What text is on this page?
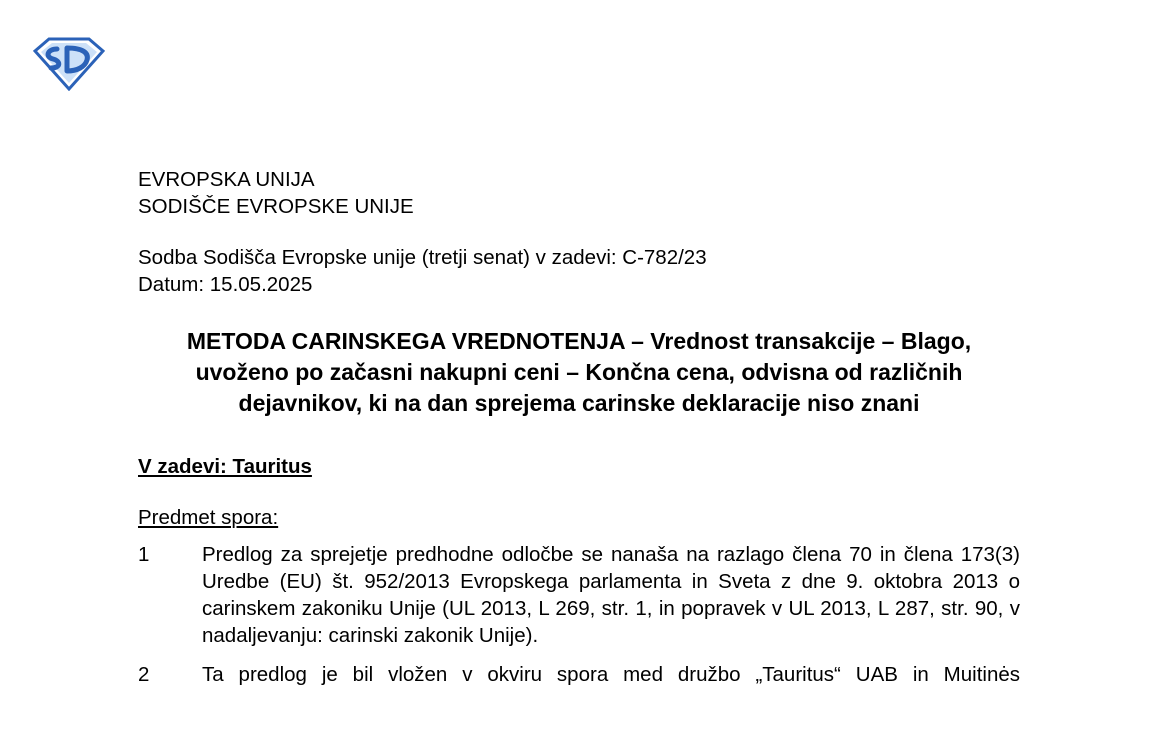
EVROPSKA UNIJA
SODIŠČE EVROPSKE UNIJE
Sodba Sodišča Evropske unije (tretji senat) v zadevi: C-782/23
Datum: 15.05.2025
METODA CARINSKEGA VREDNOTENJA – Vrednost transakcije – Blago, uvoženo po začasni nakupni ceni – Končna cena, odvisna od različnih dejavnikov, ki na dan sprejema carinske deklaracije niso znani
V zadevi: Tauritus
Predmet spora:
1	Predlog za sprejetje predhodne odločbe se nanaša na razlago člena 70 in člena 173(3) Uredbe (EU) št. 952/2013 Evropskega parlamenta in Sveta z dne 9. oktobra 2013 o carinskem zakoniku Unije (UL 2013, L 269, str. 1, in popravek v UL 2013, L 287, str. 90, v nadaljevanju: carinski zakonik Unije).
2	Ta predlog je bil vložen v okviru spora med družbo „Tauritus“ UAB in Muitinės
